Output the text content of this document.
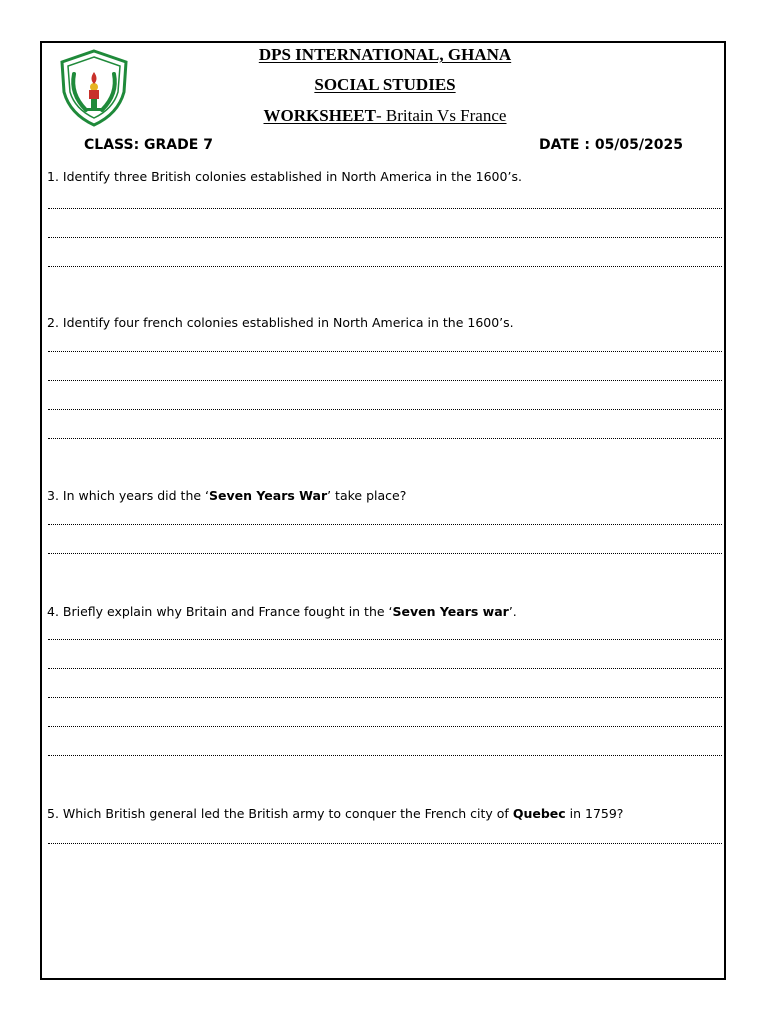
DPS INTERNATIONAL, GHANA
SOCIAL STUDIES
WORKSHEET- Britain Vs France
CLASS: GRADE 7	DATE : 05/05/2025
1. Identify three British colonies established in North America in the 1600’s.
2. Identify four french colonies established in North America in the 1600’s.
3. In which years did the ‘Seven Years War’ take place?
4. Briefly explain why Britain and France fought in the ‘Seven Years war’.
5. Which British general led the British army to conquer the French city of Quebec in 1759?
